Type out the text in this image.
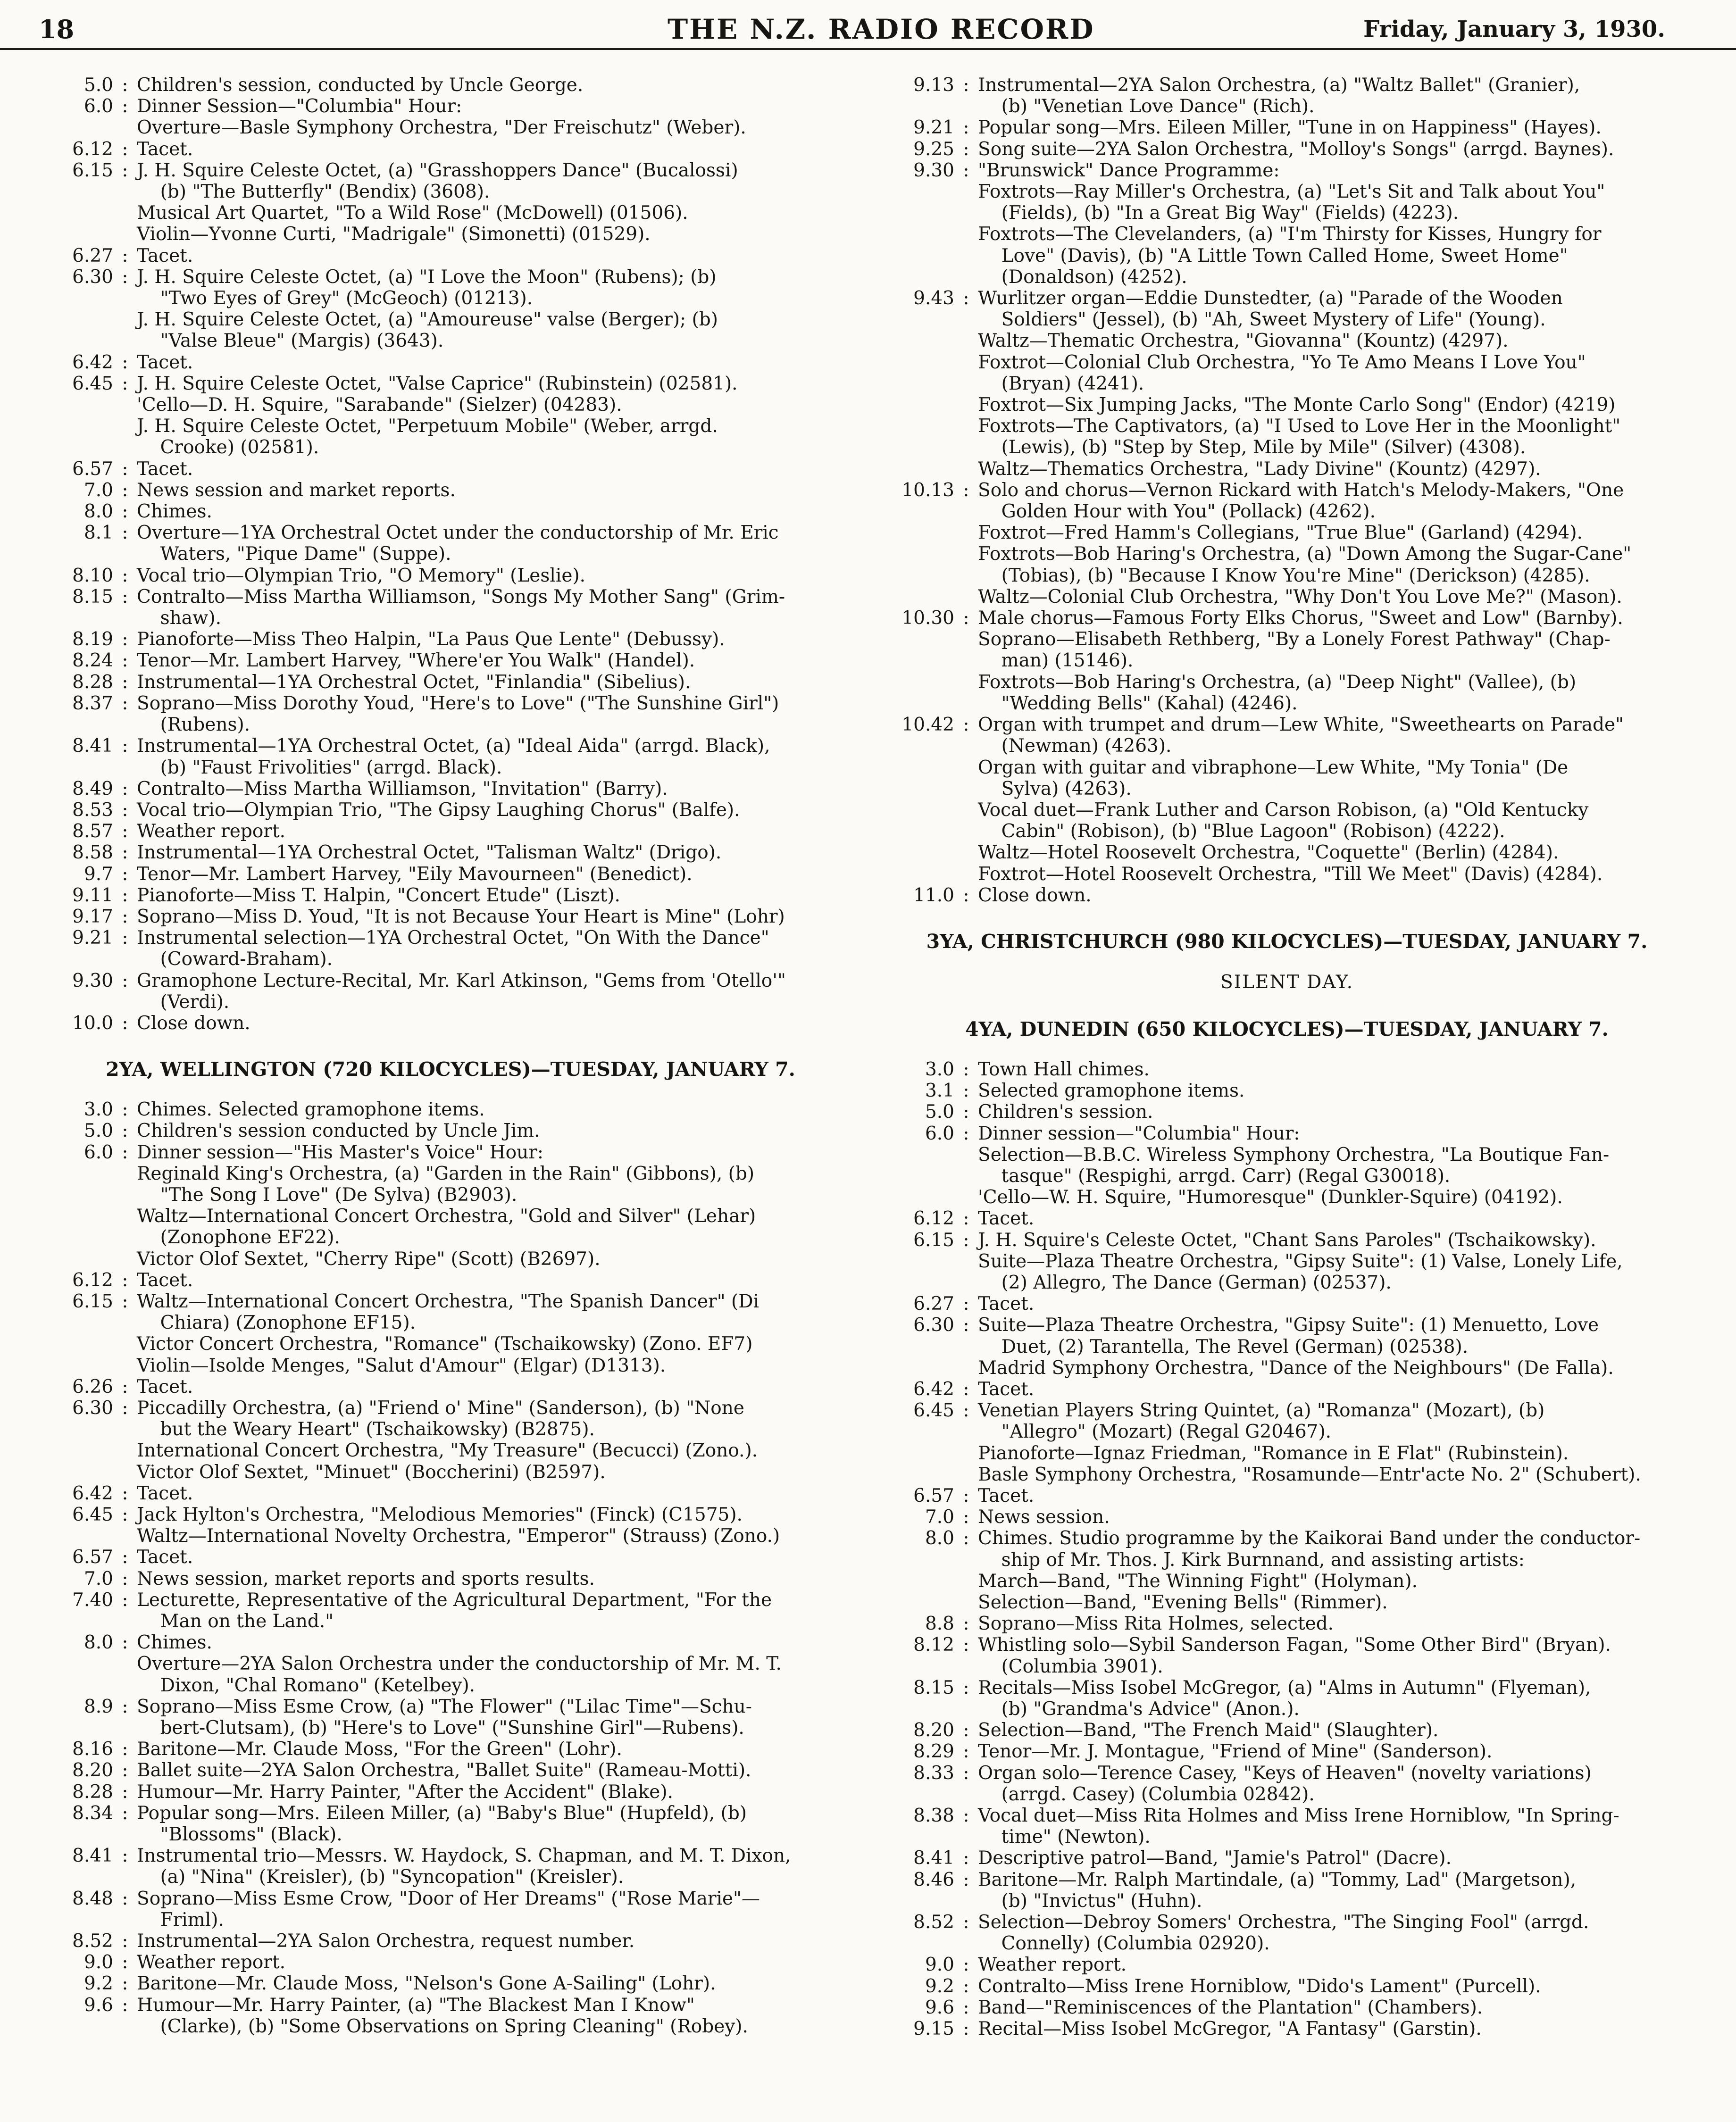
18	THE N.Z. RADIO RECORD	Friday, January 3, 1930.
5.0 : Children's session, conducted by Uncle George.
6.0 : Dinner Session—"Columbia" Hour:
Overture—Basle Symphony Orchestra, "Der Freischutz" (Weber).
6.12 : Tacet.
6.15 : J. H. Squire Celeste Octet, (a) "Grasshoppers Dance" (Bucalossi)
(b) "The Butterfly" (Bendix) (3608).
Musical Art Quartet, "To a Wild Rose" (McDowell) (01506).
Violin—Yvonne Curti, "Madrigale" (Simonetti) (01529).
6.27 : Tacet.
6.30 : J. H. Squire Celeste Octet, (a) "I Love the Moon" (Rubens); (b)
"Two Eyes of Grey" (McGeoch) (01213).
J. H. Squire Celeste Octet, (a) "Amoureuse" valse (Berger); (b)
"Valse Bleue" (Margis) (3643).
6.42 : Tacet.
6.45 : J. H. Squire Celeste Octet, "Valse Caprice" (Rubinstein) (02581).
'Cello—D. H. Squire, "Sarabande" (Sielzer) (04283).
J. H. Squire Celeste Octet, "Perpetuum Mobile" (Weber, arrgd.
Crooke) (02581).
6.57 : Tacet.
7.0 : News session and market reports.
8.0 : Chimes.
8.1 : Overture—1YA Orchestral Octet under the conductorship of Mr. Eric
Waters, "Pique Dame" (Suppe).
8.10 : Vocal trio—Olympian Trio, "O Memory" (Leslie).
8.15 : Contralto—Miss Martha Williamson, "Songs My Mother Sang" (Grim-
shaw).
8.19 : Pianoforte—Miss Theo Halpin, "La Paus Que Lente" (Debussy).
8.24 : Tenor—Mr. Lambert Harvey, "Where'er You Walk" (Handel).
8.28 : Instrumental—1YA Orchestral Octet, "Finlandia" (Sibelius).
8.37 : Soprano—Miss Dorothy Youd, "Here's to Love" ("The Sunshine Girl")
(Rubens).
8.41 : Instrumental—1YA Orchestral Octet, (a) "Ideal Aida" (arrgd. Black),
(b) "Faust Frivolities" (arrgd. Black).
8.49 : Contralto—Miss Martha Williamson, "Invitation" (Barry).
8.53 : Vocal trio—Olympian Trio, "The Gipsy Laughing Chorus" (Balfe).
8.57 : Weather report.
8.58 : Instrumental—1YA Orchestral Octet, "Talisman Waltz" (Drigo).
9.7 : Tenor—Mr. Lambert Harvey, "Eily Mavourneen" (Benedict).
9.11 : Pianoforte—Miss T. Halpin, "Concert Etude" (Liszt).
9.17 : Soprano—Miss D. Youd, "It is not Because Your Heart is Mine" (Lohr)
9.21 : Instrumental selection—1YA Orchestral Octet, "On With the Dance"
(Coward-Braham).
9.30 : Gramophone Lecture-Recital, Mr. Karl Atkinson, "Gems from 'Otello'"
(Verdi).
10.0 : Close down.
2YA, WELLINGTON (720 KILOCYCLES)—TUESDAY, JANUARY 7.
3.0 : Chimes. Selected gramophone items.
5.0 : Children's session conducted by Uncle Jim.
6.0 : Dinner session—"His Master's Voice" Hour:
Reginald King's Orchestra, (a) "Garden in the Rain" (Gibbons), (b)
"The Song I Love" (De Sylva) (B2903).
Waltz—International Concert Orchestra, "Gold and Silver" (Lehar)
(Zonophone EF22).
Victor Olof Sextet, "Cherry Ripe" (Scott) (B2697).
6.12 : Tacet.
6.15 : Waltz—International Concert Orchestra, "The Spanish Dancer" (Di
Chiara) (Zonophone EF15).
Victor Concert Orchestra, "Romance" (Tschaikowsky) (Zono. EF7)
Violin—Isolde Menges, "Salut d'Amour" (Elgar) (D1313).
6.26 : Tacet.
6.30 : Piccadilly Orchestra, (a) "Friend o' Mine" (Sanderson), (b) "None
but the Weary Heart" (Tschaikowsky) (B2875).
International Concert Orchestra, "My Treasure" (Becucci) (Zono.).
Victor Olof Sextet, "Minuet" (Boccherini) (B2597).
6.42 : Tacet.
6.45 : Jack Hylton's Orchestra, "Melodious Memories" (Finck) (C1575).
Waltz—International Novelty Orchestra, "Emperor" (Strauss) (Zono.)
6.57 : Tacet.
7.0 : News session, market reports and sports results.
7.40 : Lecturette, Representative of the Agricultural Department, "For the
Man on the Land."
8.0 : Chimes.
Overture—2YA Salon Orchestra under the conductorship of Mr. M. T.
Dixon, "Chal Romano" (Ketelbey).
8.9 : Soprano—Miss Esme Crow, (a) "The Flower" ("Lilac Time"—Schu-
bert-Clutsam), (b) "Here's to Love" ("Sunshine Girl"—Rubens).
8.16 : Baritone—Mr. Claude Moss, "For the Green" (Lohr).
8.20 : Ballet suite—2YA Salon Orchestra, "Ballet Suite" (Rameau-Motti).
8.28 : Humour—Mr. Harry Painter, "After the Accident" (Blake).
8.34 : Popular song—Mrs. Eileen Miller, (a) "Baby's Blue" (Hupfeld), (b)
"Blossoms" (Black).
8.41 : Instrumental trio—Messrs. W. Haydock, S. Chapman, and M. T. Dixon,
(a) "Nina" (Kreisler), (b) "Syncopation" (Kreisler).
8.48 : Soprano—Miss Esme Crow, "Door of Her Dreams" ("Rose Marie"—
Friml).
8.52 : Instrumental—2YA Salon Orchestra, request number.
9.0 : Weather report.
9.2 : Baritone—Mr. Claude Moss, "Nelson's Gone A-Sailing" (Lohr).
9.6 : Humour—Mr. Harry Painter, (a) "The Blackest Man I Know"
(Clarke), (b) "Some Observations on Spring Cleaning" (Robey).
9.13 : Instrumental—2YA Salon Orchestra, (a) "Waltz Ballet" (Granier),
(b) "Venetian Love Dance" (Rich).
9.21 : Popular song—Mrs. Eileen Miller, "Tune in on Happiness" (Hayes).
9.25 : Song suite—2YA Salon Orchestra, "Molloy's Songs" (arrgd. Baynes).
9.30 : "Brunswick" Dance Programme:
Foxtrots—Ray Miller's Orchestra, (a) "Let's Sit and Talk about You"
(Fields), (b) "In a Great Big Way" (Fields) (4223).
Foxtrots—The Clevelanders, (a) "I'm Thirsty for Kisses, Hungry for
Love" (Davis), (b) "A Little Town Called Home, Sweet Home"
(Donaldson) (4252).
9.43 : Wurlitzer organ—Eddie Dunstedter, (a) "Parade of the Wooden
Soldiers" (Jessel), (b) "Ah, Sweet Mystery of Life" (Young).
Waltz—Thematic Orchestra, "Giovanna" (Kountz) (4297).
Foxtrot—Colonial Club Orchestra, "Yo Te Amo Means I Love You"
(Bryan) (4241).
Foxtrot—Six Jumping Jacks, "The Monte Carlo Song" (Endor) (4219)
Foxtrots—The Captivators, (a) "I Used to Love Her in the Moonlight"
(Lewis), (b) "Step by Step, Mile by Mile" (Silver) (4308).
Waltz—Thematics Orchestra, "Lady Divine" (Kountz) (4297).
10.13 : Solo and chorus—Vernon Rickard with Hatch's Melody-Makers, "One
Golden Hour with You" (Pollack) (4262).
Foxtrot—Fred Hamm's Collegians, "True Blue" (Garland) (4294).
Foxtrots—Bob Haring's Orchestra, (a) "Down Among the Sugar-Cane"
(Tobias), (b) "Because I Know You're Mine" (Derickson) (4285).
Waltz—Colonial Club Orchestra, "Why Don't You Love Me?" (Mason).
10.30 : Male chorus—Famous Forty Elks Chorus, "Sweet and Low" (Barnby).
Soprano—Elisabeth Rethberg, "By a Lonely Forest Pathway" (Chap-
man) (15146).
Foxtrots—Bob Haring's Orchestra, (a) "Deep Night" (Vallee), (b)
"Wedding Bells" (Kahal) (4246).
10.42 : Organ with trumpet and drum—Lew White, "Sweethearts on Parade"
(Newman) (4263).
Organ with guitar and vibraphone—Lew White, "My Tonia" (De
Sylva) (4263).
Vocal duet—Frank Luther and Carson Robison, (a) "Old Kentucky
Cabin" (Robison), (b) "Blue Lagoon" (Robison) (4222).
Waltz—Hotel Roosevelt Orchestra, "Coquette" (Berlin) (4284).
Foxtrot—Hotel Roosevelt Orchestra, "Till We Meet" (Davis) (4284).
11.0 : Close down.
3YA, CHRISTCHURCH (980 KILOCYCLES)—TUESDAY, JANUARY 7.
SILENT DAY.
4YA, DUNEDIN (650 KILOCYCLES)—TUESDAY, JANUARY 7.
3.0 : Town Hall chimes.
3.1 : Selected gramophone items.
5.0 : Children's session.
6.0 : Dinner session—"Columbia" Hour:
Selection—B.B.C. Wireless Symphony Orchestra, "La Boutique Fan-
tasque" (Respighi, arrgd. Carr) (Regal G30018).
'Cello—W. H. Squire, "Humoresque" (Dunkler-Squire) (04192).
6.12 : Tacet.
6.15 : J. H. Squire's Celeste Octet, "Chant Sans Paroles" (Tschaikowsky).
Suite—Plaza Theatre Orchestra, "Gipsy Suite": (1) Valse, Lonely Life,
(2) Allegro, The Dance (German) (02537).
6.27 : Tacet.
6.30 : Suite—Plaza Theatre Orchestra, "Gipsy Suite": (1) Menuetto, Love
Duet, (2) Tarantella, The Revel (German) (02538).
Madrid Symphony Orchestra, "Dance of the Neighbours" (De Falla).
6.42 : Tacet.
6.45 : Venetian Players String Quintet, (a) "Romanza" (Mozart), (b)
"Allegro" (Mozart) (Regal G20467).
Pianoforte—Ignaz Friedman, "Romance in E Flat" (Rubinstein).
Basle Symphony Orchestra, "Rosamunde—Entr'acte No. 2" (Schubert).
6.57 : Tacet.
7.0 : News session.
8.0 : Chimes. Studio programme by the Kaikorai Band under the conductor-
ship of Mr. Thos. J. Kirk Burnnand, and assisting artists:
March—Band, "The Winning Fight" (Holyman).
Selection—Band, "Evening Bells" (Rimmer).
8.8 : Soprano—Miss Rita Holmes, selected.
8.12 : Whistling solo—Sybil Sanderson Fagan, "Some Other Bird" (Bryan).
(Columbia 3901).
8.15 : Recitals—Miss Isobel McGregor, (a) "Alms in Autumn" (Flyeman),
(b) "Grandma's Advice" (Anon.).
8.20 : Selection—Band, "The French Maid" (Slaughter).
8.29 : Tenor—Mr. J. Montague, "Friend of Mine" (Sanderson).
8.33 : Organ solo—Terence Casey, "Keys of Heaven" (novelty variations)
(arrgd. Casey) (Columbia 02842).
8.38 : Vocal duet—Miss Rita Holmes and Miss Irene Horniblow, "In Spring-
time" (Newton).
8.41 : Descriptive patrol—Band, "Jamie's Patrol" (Dacre).
8.46 : Baritone—Mr. Ralph Martindale, (a) "Tommy, Lad" (Margetson),
(b) "Invictus" (Huhn).
8.52 : Selection—Debroy Somers' Orchestra, "The Singing Fool" (arrgd.
Connelly) (Columbia 02920).
9.0 : Weather report.
9.2 : Contralto—Miss Irene Horniblow, "Dido's Lament" (Purcell).
9.6 : Band—"Reminiscences of the Plantation" (Chambers).
9.15 : Recital—Miss Isobel McGregor, "A Fantasy" (Garstin).
